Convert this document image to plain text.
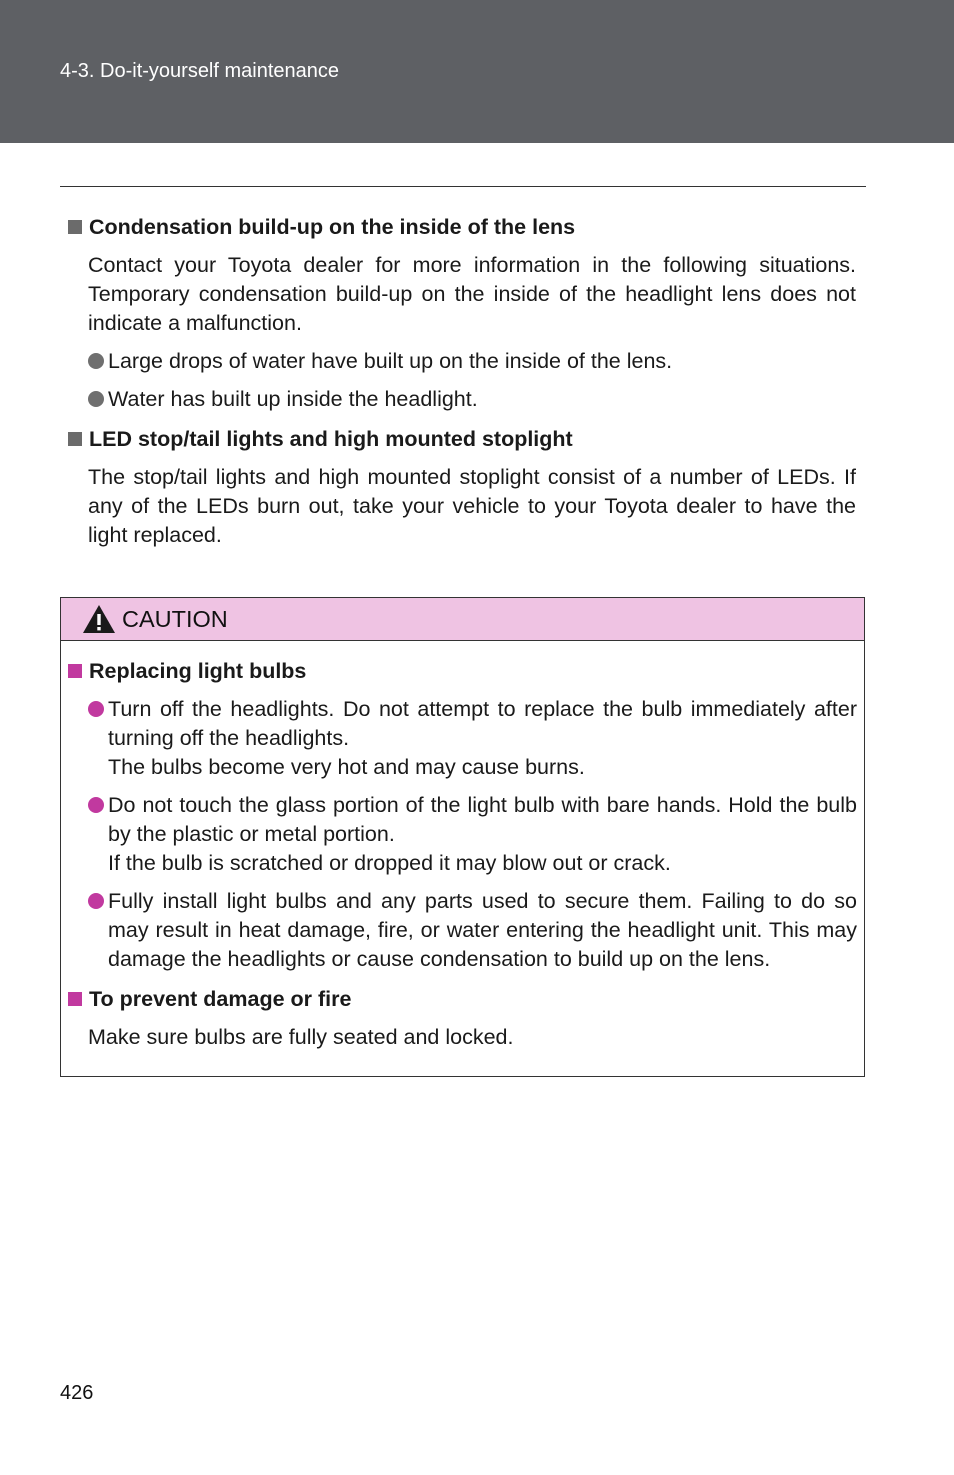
4-3. Do-it-yourself maintenance
Condensation build-up on the inside of the lens
Contact your Toyota dealer for more information in the following situations. Temporary condensation build-up on the inside of the headlight lens does not indicate a malfunction.
Large drops of water have built up on the inside of the lens.
Water has built up inside the headlight.
LED stop/tail lights and high mounted stoplight
The stop/tail lights and high mounted stoplight consist of a number of LEDs. If any of the LEDs burn out, take your vehicle to your Toyota dealer to have the light replaced.
CAUTION
Replacing light bulbs
Turn off the headlights. Do not attempt to replace the bulb immediately after turning off the headlights.
The bulbs become very hot and may cause burns.
Do not touch the glass portion of the light bulb with bare hands. Hold the bulb by the plastic or metal portion.
If the bulb is scratched or dropped it may blow out or crack.
Fully install light bulbs and any parts used to secure them. Failing to do so may result in heat damage, fire, or water entering the headlight unit. This may damage the headlights or cause condensation to build up on the lens.
To prevent damage or fire
Make sure bulbs are fully seated and locked.
426
